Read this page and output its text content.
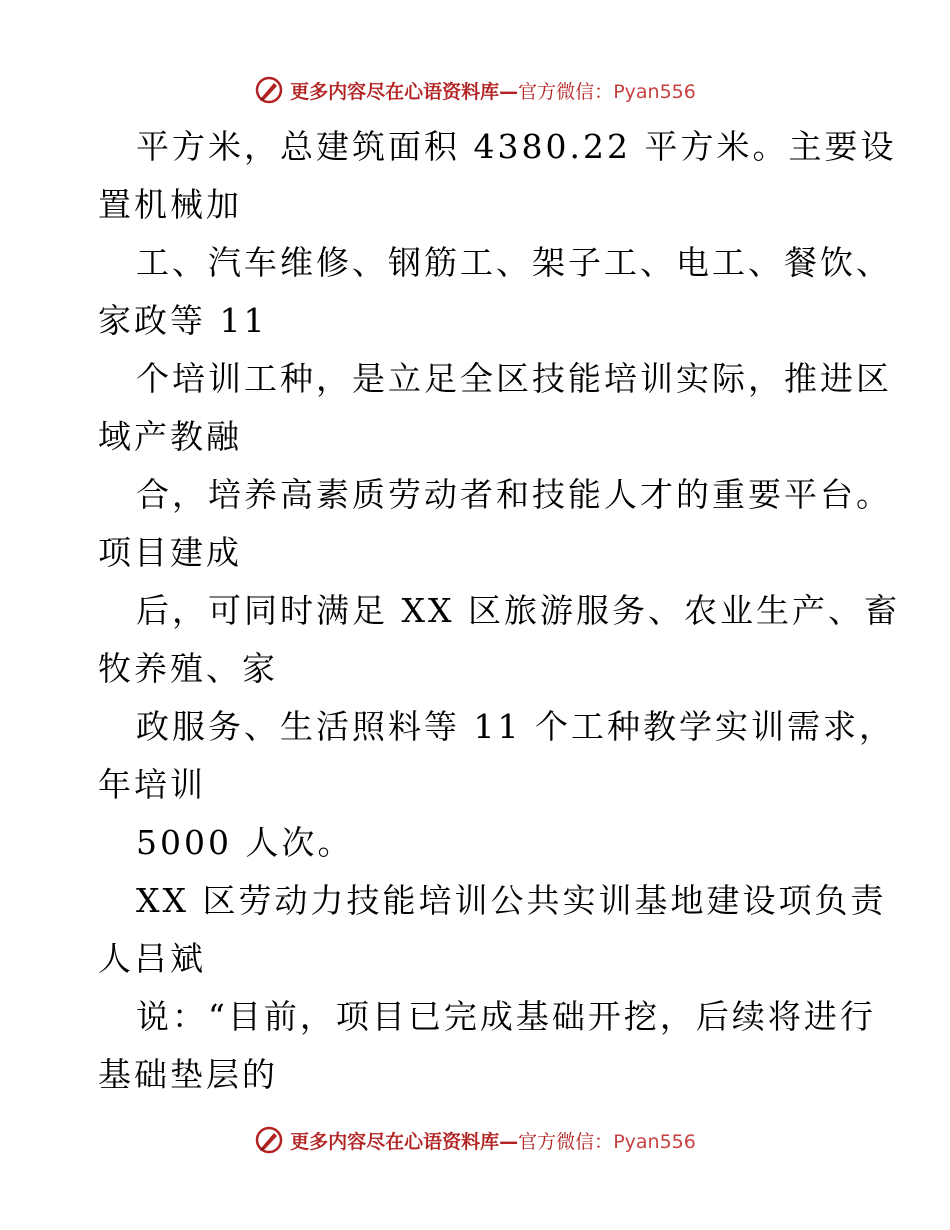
更多内容尽在心语资料库—官方微信：Pyan556
平方米，总建筑面积 4380.22 平方米。主要设
置机械加
工、汽车维修、钢筋工、架子工、电工、餐饮、
家政等 11
个培训工种，是立足全区技能培训实际，推进区
域产教融
合，培养高素质劳动者和技能人才的重要平台。
项目建成
后，可同时满足 XX 区旅游服务、农业生产、畜
牧养殖、家
政服务、生活照料等 11 个工种教学实训需求，
年培训
5000 人次。
XX 区劳动力技能培训公共实训基地建设项负责
人吕斌
说：“目前，项目已完成基础开挖，后续将进行
基础垫层的
更多内容尽在心语资料库—官方微信：Pyan556
